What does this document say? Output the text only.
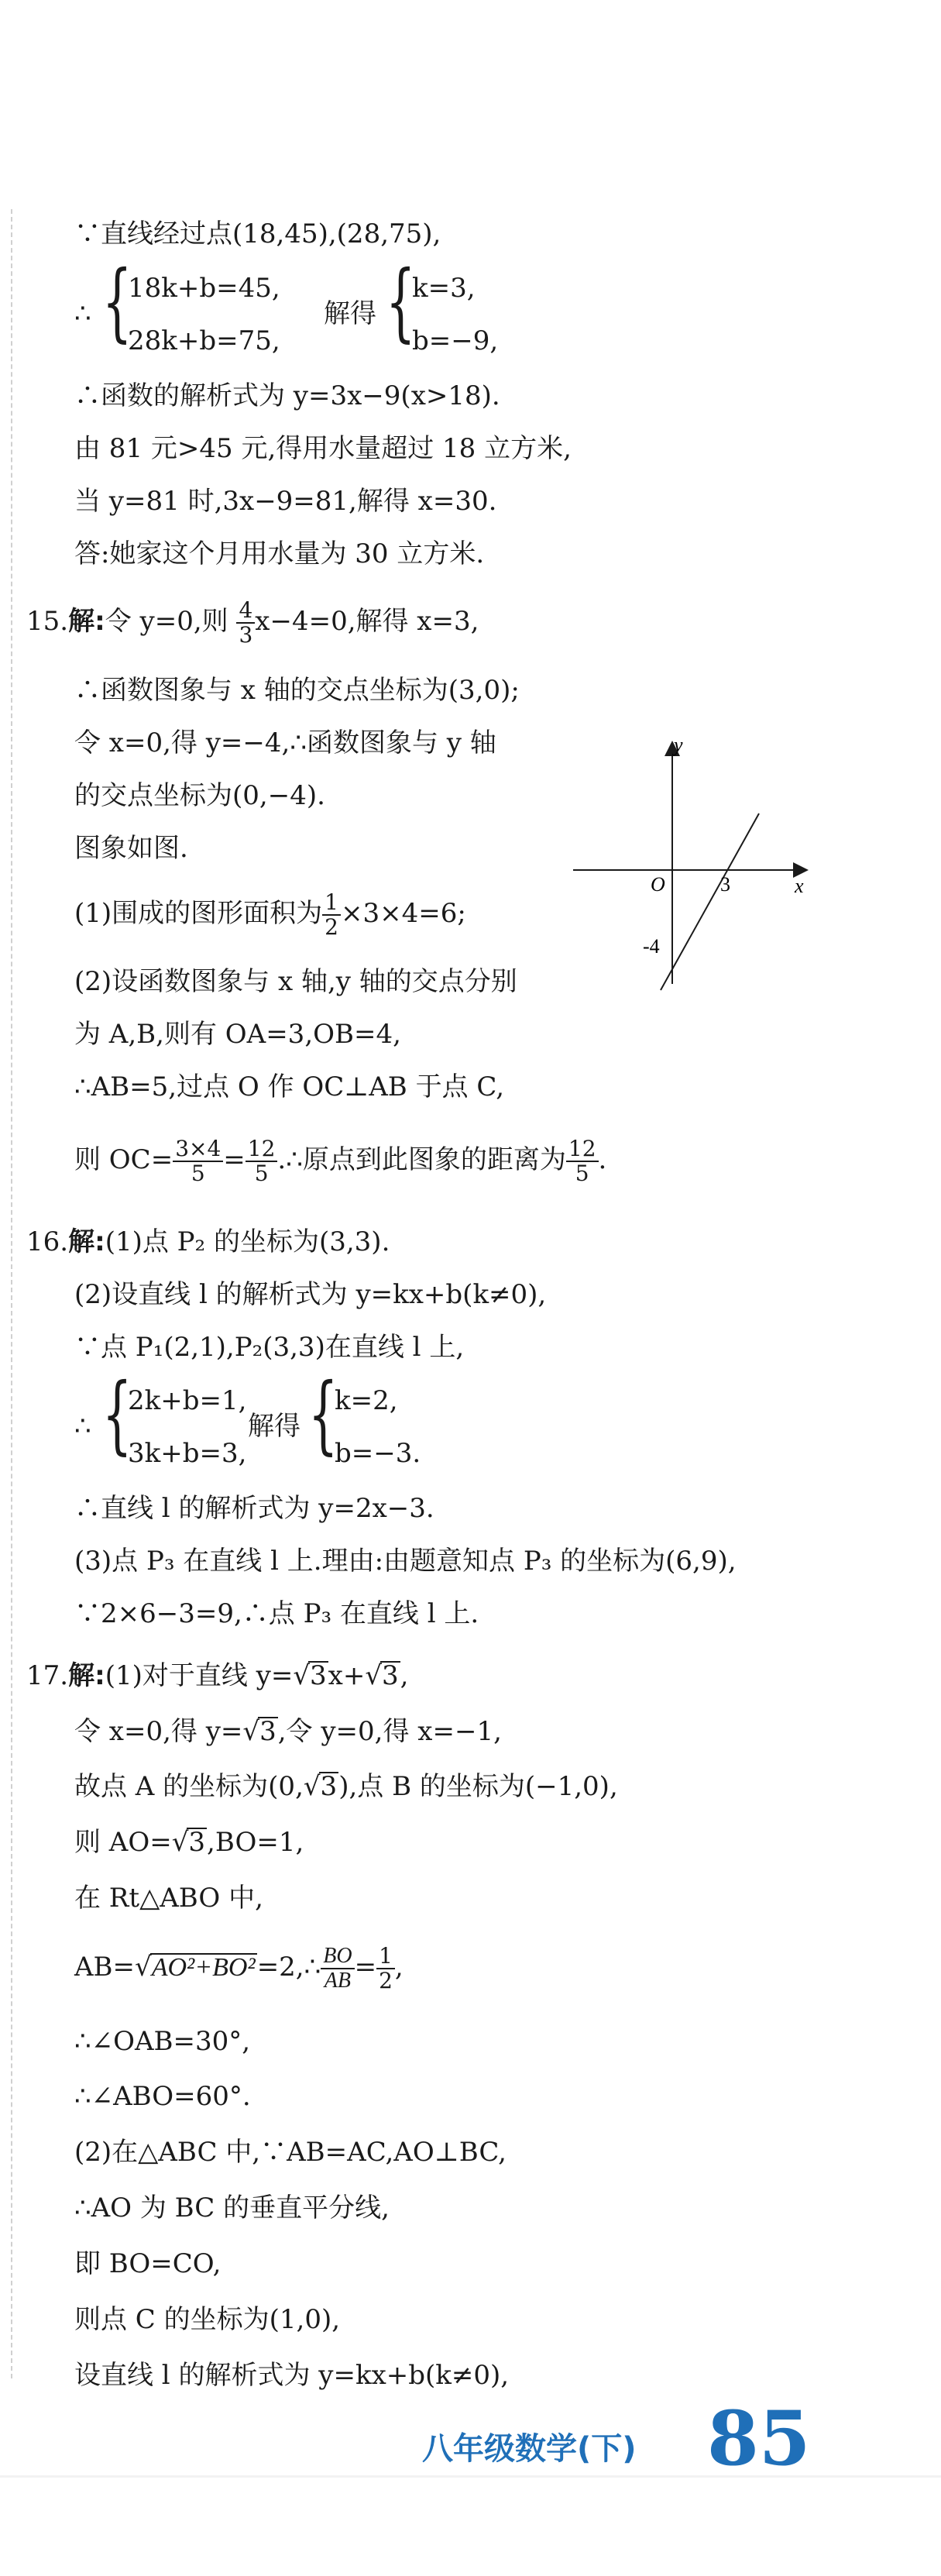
∵直线经过点(18,45),(28,75),
∴ {
18k+b=45,
28k+b=75,
解得 {
k=3,
b=−9,
∴函数的解析式为 y=3x−9(x>18).
由 81 元>45 元,得用水量超过 18 立方米,
当 y=81 时,3x−9=81,解得 x=30.
答:她家这个月用水量为 30 立方米.
15.解:令 y=0,则 $\frac{4}{3} x-4=0$,解得 x=3,
∴函数图象与 x 轴的交点坐标为(3,0);
令 x=0,得 y=−4,∴函数图象与 y 轴
的交点坐标为(0,−4).
图象如图.
(1)围成的图形面积为 $\frac{1}{2} \times 3\times 4=6$;
(2)设函数图象与 x 轴,y 轴的交点分别
为 A,B,则有 OA=3,OB=4,
∴AB=5,过点 O 作 OC⊥AB 于点 C,
则 $OC= \frac{3\times 4}{5} = \frac{12}{5}$ .∴原点到此图象的距离为 $\frac{12}{5}$ .
y
x
O	3
-4
16.解:(1)点 P₂ 的坐标为(3,3).
(2)设直线 l 的解析式为 y=kx+b(k≠0),
∵点 P₁(2,1),P₂(3,3)在直线 l 上,
∴ {
2k+b=1,
3k+b=3,
解得 {
k=2,
b=−3.
∴直线 l 的解析式为 y=2x−3.
(3)点 P₃ 在直线 l 上.理由:由题意知点 P₃ 的坐标为(6,9),
∵2×6−3=9,∴点 P₃ 在直线 l 上.
17.解:(1)对于直线 y=√3x+√3,
令 x=0,得 y=√3,令 y=0,得 x=−1,
故点 A 的坐标为(0,√3),点 B 的坐标为(−1,0),
则 AO=√3,BO=1,
在 Rt△ABO 中,
AB=√AO²+BO²=2,∴ $\frac{BO}{AB} = \frac{1}{2}$ ,
∴∠OAB=30°,
∴∠ABO=60°.
(2)在△ABC 中,∵AB=AC,AO⊥BC,
∴AO 为 BC 的垂直平分线,
即 BO=CO,
则点 C 的坐标为(1,0),
设直线 l 的解析式为 y=kx+b(k≠0),
八年级数学(下) 85
